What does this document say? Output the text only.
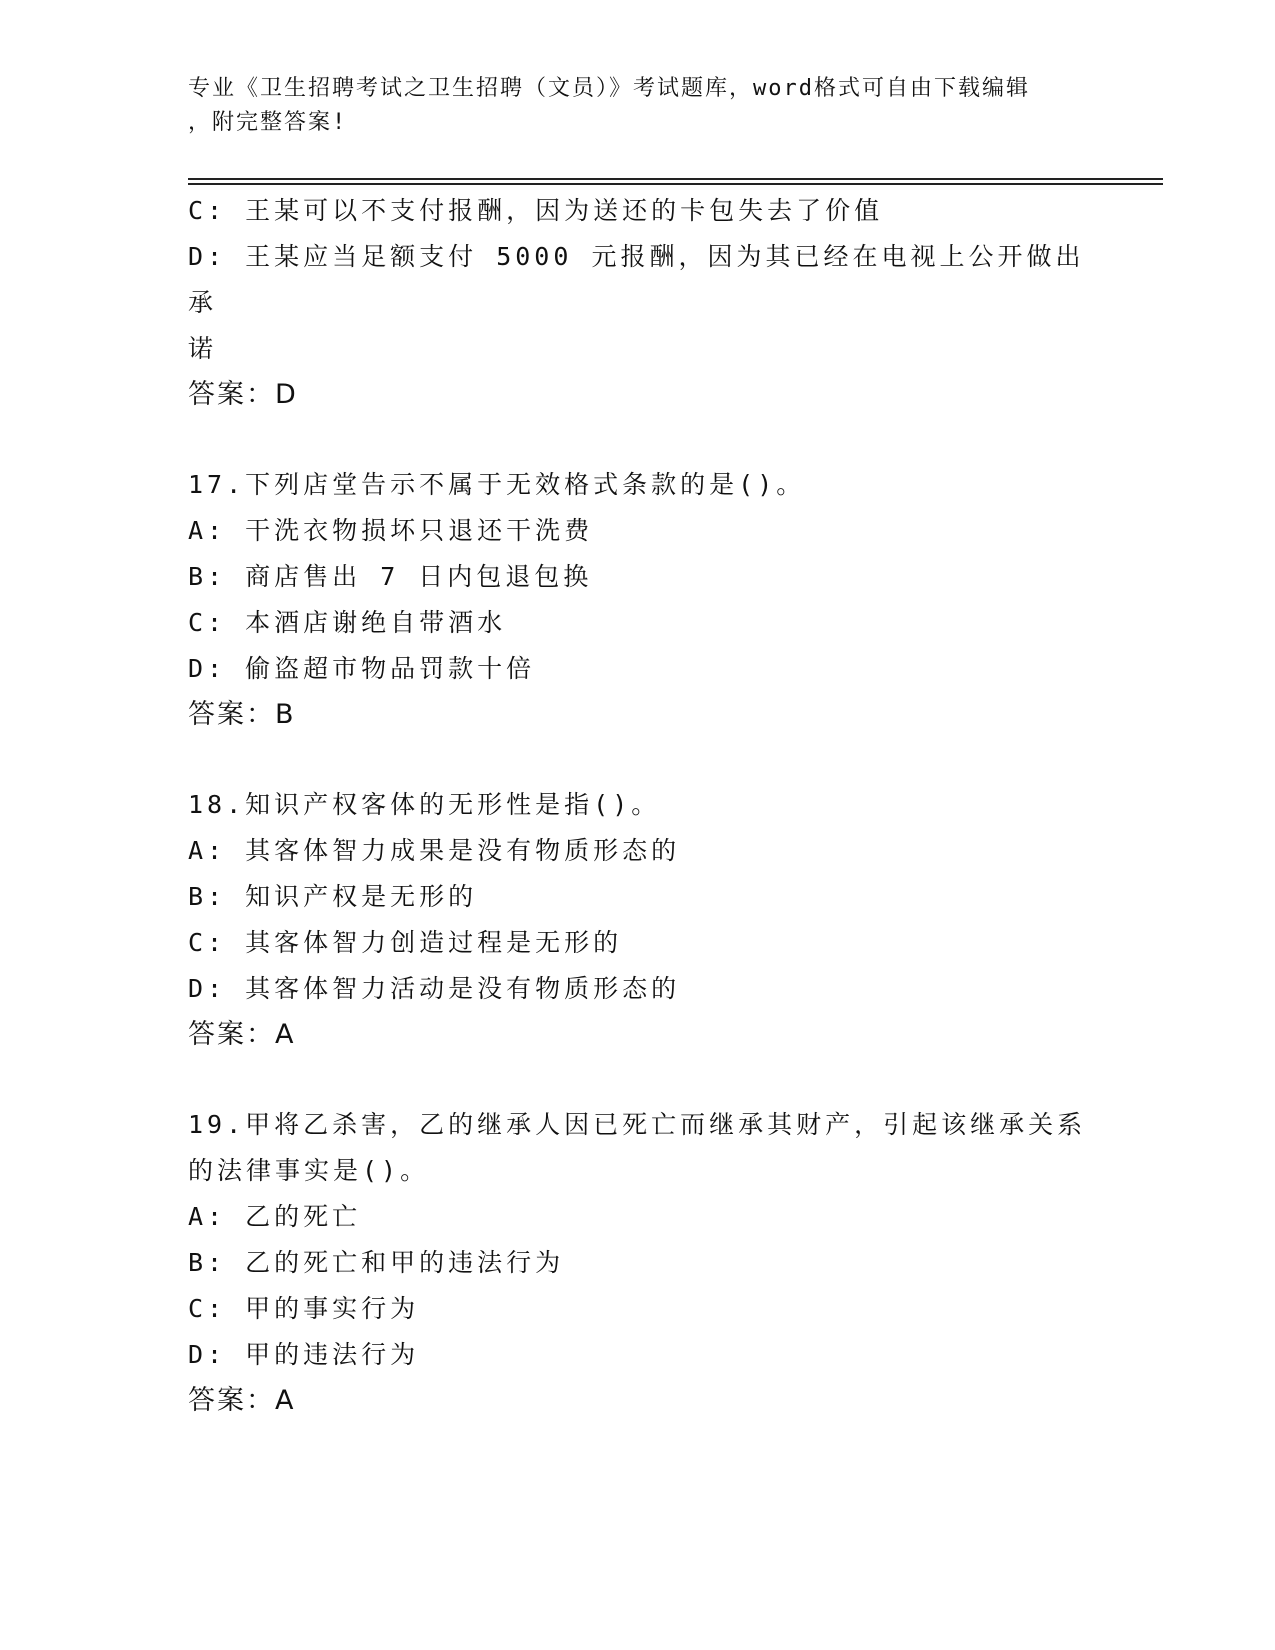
专业《卫生招聘考试之卫生招聘（文员）》考试题库，word格式可自由下载编辑
，附完整答案!
C: 王某可以不支付报酬，因为送还的卡包失去了价值
D: 王某应当足额支付 5000 元报酬，因为其已经在电视上公开做出承
诺
答案：D
17.下列店堂告示不属于无效格式条款的是()。
A: 干洗衣物损坏只退还干洗费
B: 商店售出 7 日内包退包换
C: 本酒店谢绝自带酒水
D: 偷盗超市物品罚款十倍
答案：B
18.知识产权客体的无形性是指()。
A: 其客体智力成果是没有物质形态的
B: 知识产权是无形的
C: 其客体智力创造过程是无形的
D: 其客体智力活动是没有物质形态的
答案：A
19.甲将乙杀害，乙的继承人因已死亡而继承其财产，引起该继承关系
的法律事实是()。
A: 乙的死亡
B: 乙的死亡和甲的违法行为
C: 甲的事实行为
D: 甲的违法行为
答案：A
